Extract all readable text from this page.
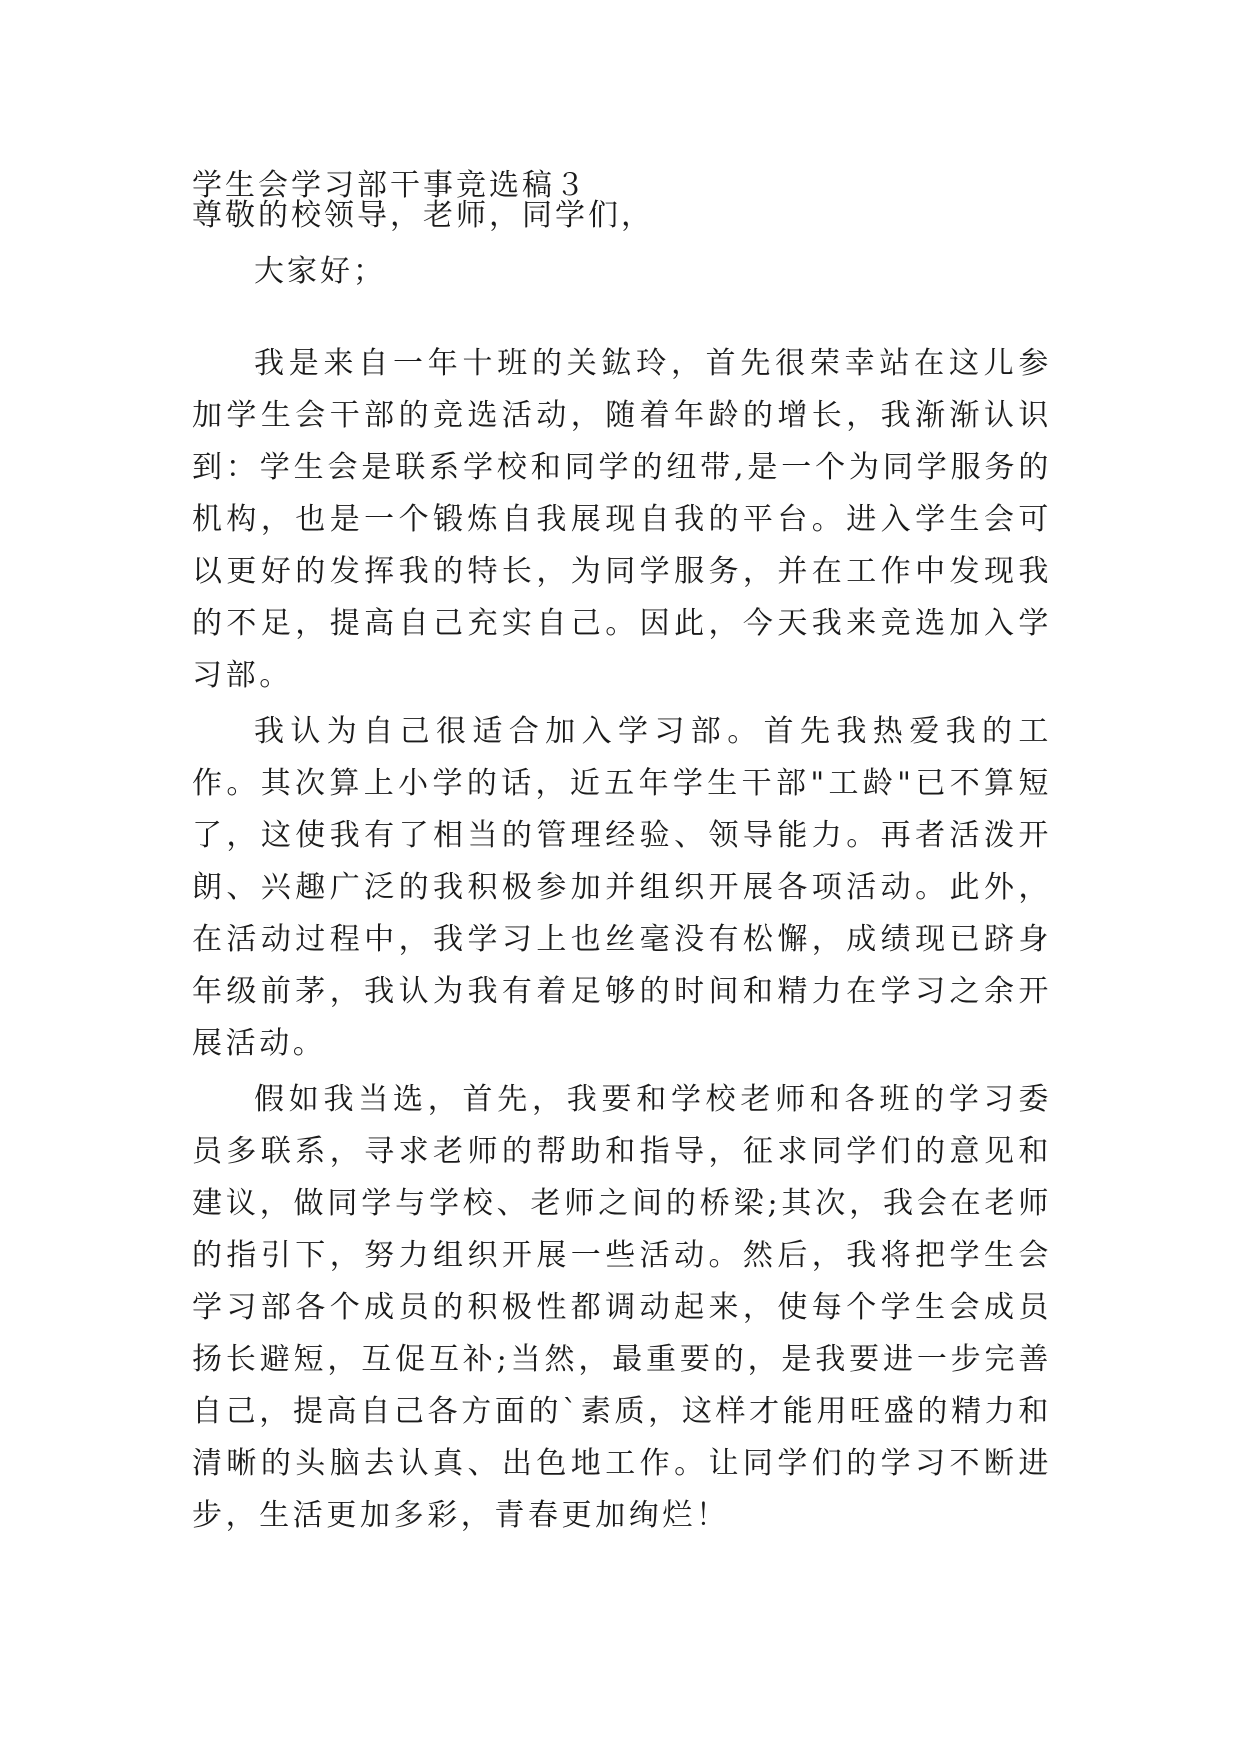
学生会学习部干事竞选稿３
尊敬的校领导，老师，同学们，
大家好；

我是来自一年十班的关鈜玲，首先很荣幸站在这儿参加学生会干部的竞选活动，随着年龄的增长，我渐渐认识到：学生会是联系学校和同学的纽带,是一个为同学服务的机构，也是一个锻炼自我展现自我的平台。进入学生会可以更好的发挥我的特长，为同学服务，并在工作中发现我的不足，提高自己充实自己。因此，今天我来竞选加入学习部。

我认为自己很适合加入学习部。首先我热爱我的工作。其次算上小学的话，近五年学生干部"工龄"已不算短了，这使我有了相当的管理经验、领导能力。再者活泼开朗、兴趣广泛的我积极参加并组织开展各项活动。此外，在活动过程中，我学习上也丝毫没有松懈，成绩现已跻身年级前茅，我认为我有着足够的时间和精力在学习之余开展活动。

假如我当选，首先，我要和学校老师和各班的学习委员多联系，寻求老师的帮助和指导，征求同学们的意见和建议，做同学与学校、老师之间的桥梁;其次，我会在老师的指引下，努力组织开展一些活动。然后，我将把学生会学习部各个成员的积极性都调动起来，使每个学生会成员扬长避短，互促互补;当然，最重要的，是我要进一步完善自己，提高自己各方面的`素质，这样才能用旺盛的精力和清晰的头脑去认真、出色地工作。让同学们的学习不断进步，生活更加多彩，青春更加绚烂！
